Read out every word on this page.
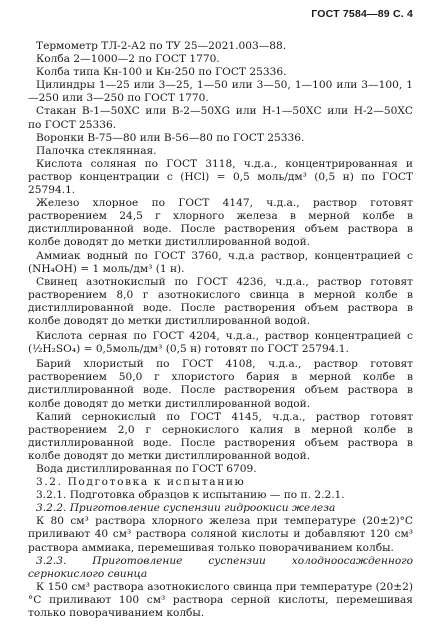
ГОСТ 7584—89 С. 4

Термометр ТЛ-2-А2 по ТУ 25—2021.003—88.

Колба 2—1000—2 по ГОСТ 1770.

Колба типа Кн-100 и Кн-250 по ГОСТ 25336.

Цилиндры 1—25 или 3—25, 1—50 или 3—50, 1—100 или 3—100, 1—250 или 3—250 по ГОСТ 1770.

Стакан В-1—50ХС или В-2—50ХG или Н-1—50ХС или Н-2—50ХС по ГОСТ 25336.

Воронки В-75—80 или В-56—80 по ГОСТ 25336.

Палочка стеклянная.

Кислота соляная по ГОСТ 3118, ч.д.а., концентрированная и раствор концентрации с (HCl) = 0,5 моль/дм³ (0,5 н) по ГОСТ 25794.1.

Железо хлорное по ГОСТ 4147, ч.д.а., раствор готовят растворением 24,5 г хлорного железа в мерной колбе в дистиллированной воде. После растворения объем раствора в колбе доводят до метки дистиллированной водой.

Аммиак водный по ГОСТ 3760, ч.д.а раствор, концентрацией с (NH₄OH) = 1 моль/дм³ (1 н).

Свинец азотнокислый по ГОСТ 4236, ч.д.а., раствор готовят растворением 8,0 г азотнокислого свинца в мерной колбе в дистиллированной воде. После растворения объем раствора в колбе доводят до метки дистиллированной водой.

Кислота серная по ГОСТ 4204, ч.д.а., раствор концентрацией с (½H₂SO₄) = 0,5моль/дм³ (0,5 н) готовят по ГОСТ 25794.1.

Барий хлористый по ГОСТ 4108, ч.д.а., раствор готовят растворением 50,0 г хлористого бария в мерной колбе в дистиллированной воде. После растворения объем раствора в колбе доводят до метки дистиллированной водой.

Калий сернокислый по ГОСТ 4145, ч.д.а., раствор готовят растворением 2,0 г сернокислого калия в мерной колбе в дистиллированной воде. После растворения объем раствора в колбе доводят до метки дистиллированной водой.

Вода дистиллированная по ГОСТ 6709.

3.2. Подготовка к испытанию

3.2.1. Подготовка образцов к испытанию — по п. 2.2.1.

3.2.2. Приготовление суспензии гидроокиси железа

К 80 см³ раствора хлорного железа при температуре (20±2)°С приливают 40 см³ раствора соляной кислоты и добавляют 120 см³ раствора аммиака, перемешивая только поворачиванием колбы.

3.2.3. Приготовление суспензии холодноосажденного сернокислого свинца

К 150 см³ раствора азотнокислого свинца при температуре (20±2)°С приливают 100 см³ раствора серной кислоты, перемешивая только поворачиванием колбы.
